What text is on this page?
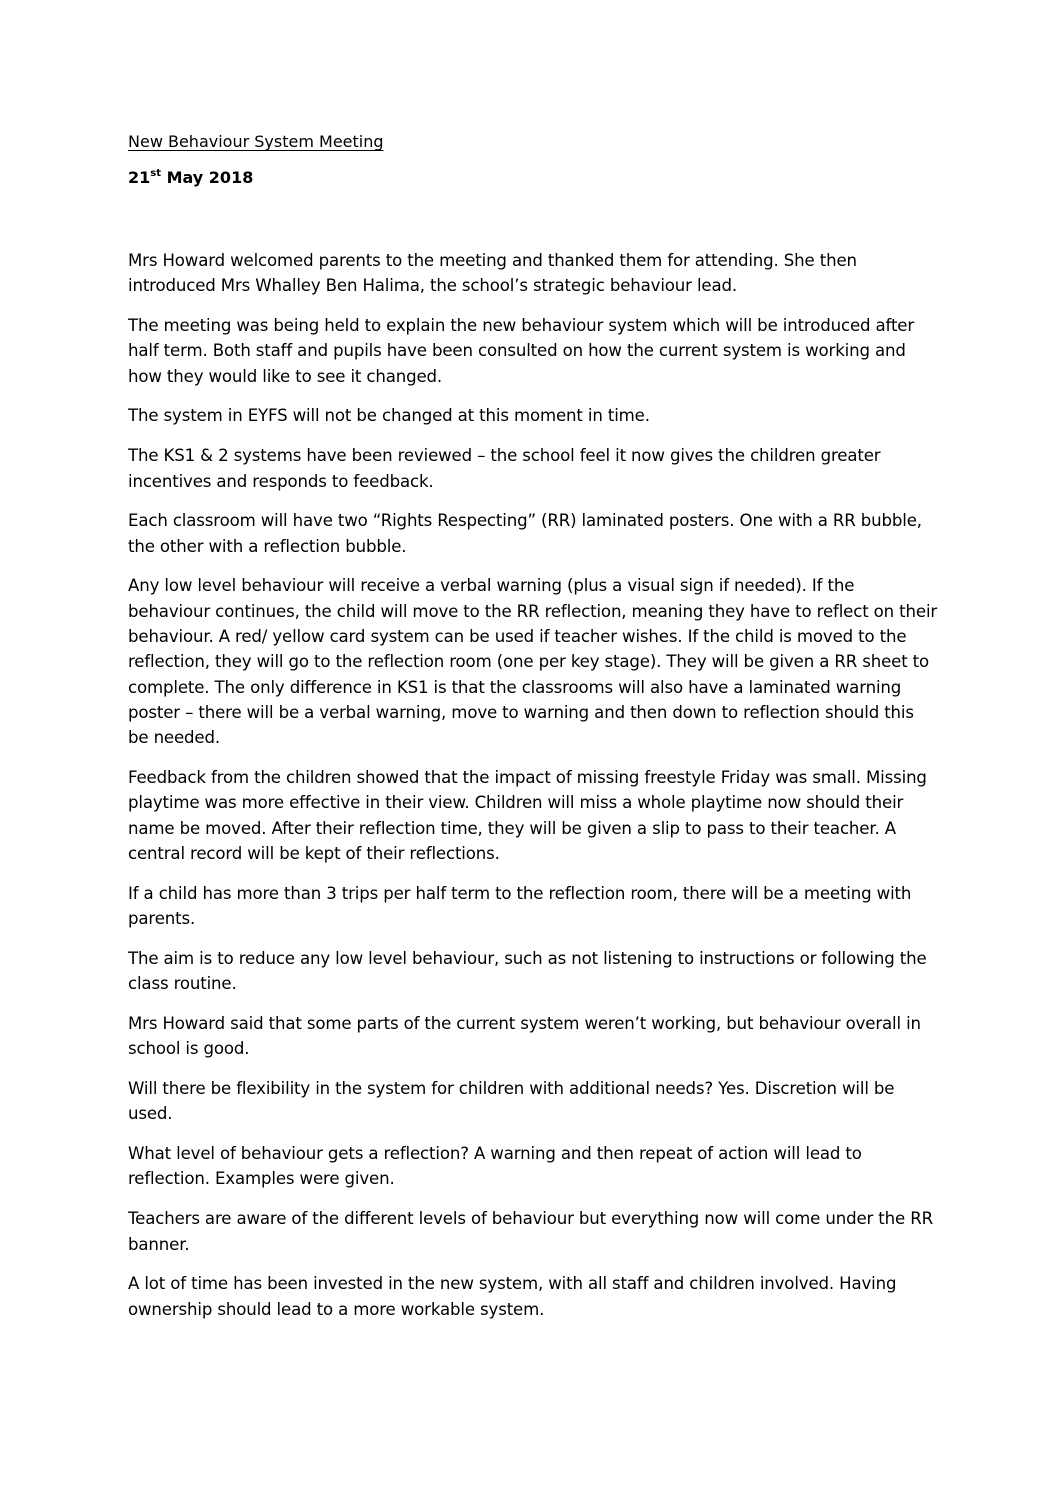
New Behaviour System Meeting
21st May 2018

Mrs Howard welcomed parents to the meeting and thanked them for attending. She then introduced Mrs Whalley Ben Halima, the school’s strategic behaviour lead.

The meeting was being held to explain the new behaviour system which will be introduced after half term. Both staff and pupils have been consulted on how the current system is working and how they would like to see it changed.

The system in EYFS will not be changed at this moment in time.

The KS1 & 2 systems have been reviewed – the school feel it now gives the children greater incentives and responds to feedback.

Each classroom will have two “Rights Respecting” (RR) laminated posters. One with a RR bubble, the other with a reflection bubble.

Any low level behaviour will receive a verbal warning (plus a visual sign if needed). If the behaviour continues, the child will move to the RR reflection, meaning they have to reflect on their behaviour. A red/ yellow card system can be used if teacher wishes. If the child is moved to the reflection, they will go to the reflection room (one per key stage). They will be given a RR sheet to complete. The only difference in KS1 is that the classrooms will also have a laminated warning poster – there will be a verbal warning, move to warning and then down to reflection should this be needed.

Feedback from the children showed that the impact of missing freestyle Friday was small. Missing playtime was more effective in their view. Children will miss a whole playtime now should their name be moved. After their reflection time, they will be given a slip to pass to their teacher. A central record will be kept of their reflections.

If a child has more than 3 trips per half term to the reflection room, there will be a meeting with parents.

The aim is to reduce any low level behaviour, such as not listening to instructions or following the class routine.

Mrs Howard said that some parts of the current system weren’t working, but behaviour overall in school is good.

Will there be flexibility in the system for children with additional needs? Yes. Discretion will be used.

What level of behaviour gets a reflection? A warning and then repeat of action will lead to reflection. Examples were given.

Teachers are aware of the different levels of behaviour but everything now will come under the RR banner.

A lot of time has been invested in the new system, with all staff and children involved. Having ownership should lead to a more workable system.
